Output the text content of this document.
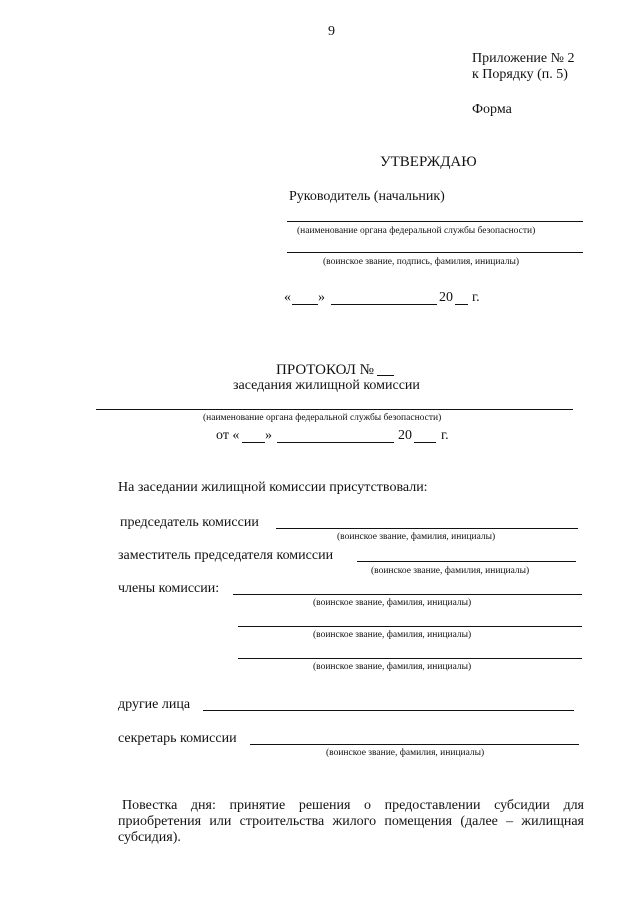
9
Приложение № 2
к Порядку (п. 5)
Форма
УТВЕРЖДАЮ
Руководитель (начальник)
(наименование органа федеральной службы безопасности)
(воинское звание, подпись, фамилия, инициалы)
« »	20 г.
ПРОТОКОЛ №
заседания жилищной комиссии
(наименование органа федеральной службы безопасности)
от « »	20 г.
На заседании жилищной комиссии присутствовали:
председатель комиссии
(воинское звание, фамилия, инициалы)
заместитель председателя комиссии
(воинское звание, фамилия, инициалы)
члены комиссии:
(воинское звание, фамилия, инициалы)
(воинское звание, фамилия, инициалы)
(воинское звание, фамилия, инициалы)
другие лица
секретарь комиссии
(воинское звание, фамилия, инициалы)
Повестка дня: принятие решения о предоставлении субсидии для
приобретения или строительства жилого помещения (далее – жилищная субсидия).
